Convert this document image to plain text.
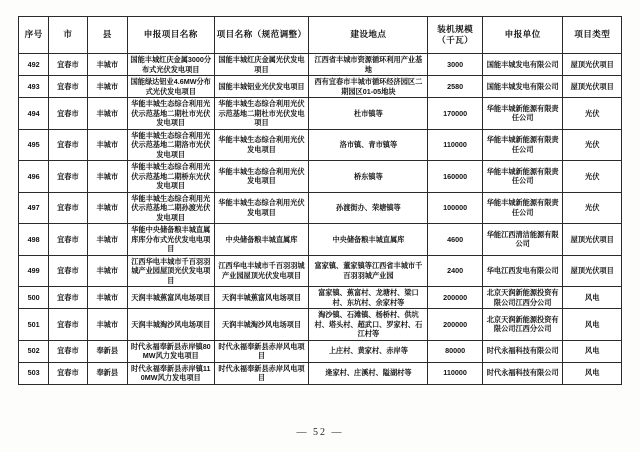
序号	市	县	申报项目名称	项目名称（规范调整）	建设地点	装机规模（千瓦）	申报单位	项目类型
492	宜春市	丰城市	国能丰城红庆金属3000分布式光伏发电项目	国能丰城红庆金属光伏发电项目	江西省丰城市资源循环利用产业基地	3000	国能丰城发电有限公司	屋顶光伏项目
493	宜春市	丰城市	国能绿达铝业4.6MW分布式光伏发电项目	国能丰城铝业光伏发电项目	西有宜春市丰城市循环经济园区二期园区01-05地块	2580	国能丰城发电有限公司	屋顶光伏项目
494	宜春市	丰城市	华能丰城生态综合利用光伏示范基地二期杜市光伏发电项目	华能丰城生态综合利用光伏示范基地二期杜市光伏发电项目	杜市镇等	170000	华能丰城新能源有限责任公司	光伏
495	宜春市	丰城市	华能丰城生态综合利用光伏示范基地二期洛市光伏发电项目	华能丰城生态综合利用光伏发电项目	洛市镇、青市镇等	110000	华能丰城新能源有限责任公司	光伏
496	宜春市	丰城市	华能丰城生态综合利用光伏示范基地二期桥东光伏发电项目	华能丰城生态综合利用光伏发电项目	桥东镇等	160000	华能丰城新能源有限责任公司	光伏
497	宜春市	丰城市	华能丰城生态综合利用光伏示范基地二期孙渡光伏发电项目	华能丰城生态综合利用光伏发电项目	孙渡街办、荣塘镇等	100000	华能丰城新能源有限责任公司	光伏
498	宜春市	丰城市	华能中央储备粮丰城直属库库分布式光伏发电电项目	中央储备粮丰城直属库	中央储备粮丰城直属库	4600	华能江西清洁能源有限公司	屋顶光伏项目
499	宜春市	丰城市	江西华电丰城市千百羽羽城产业园屋顶光伏发电项目	江西华电丰城市千百羽羽城产业园屋顶光伏发电项目	富家镇、董家镇等江西省丰城市千百羽羽城产业园	2400	华电江西发电有限公司	屋顶光伏项目
500	宜春市	丰城市	天润丰城蕉富风电场项目	天润丰城蕉富风电场项目	富家镇、蕉富村、龙塘村、梁口村、东坑村、余家村等	200000	北京天润新能源投资有限公司江西分公司	风电
501	宜春市	丰城市	天润丰城淘沙风电场项目	天润丰城淘沙风电场项目	淘沙镇、石滩镇、杨桥村、供坑村、塔头村、超武口、罗家村、石江村等	200000	北京天润新能源投资有限公司江西分公司	风电
502	宜春市	奉新县	时代永福奉新县赤岸镇80MW风力发电项目	时代永福奉新县赤岸风电项目	上庄村、黄家村、赤岸等	80000	时代永福科技有限公司	风电
503	宜春市	奉新县	时代永福奉新县赤岸镇110MW风力发电项目	时代永福奉新县赤岸风电项目	逄家村、庄溪村、隘湖村等	110000	时代永福科技有限公司	风电
— 52 —
